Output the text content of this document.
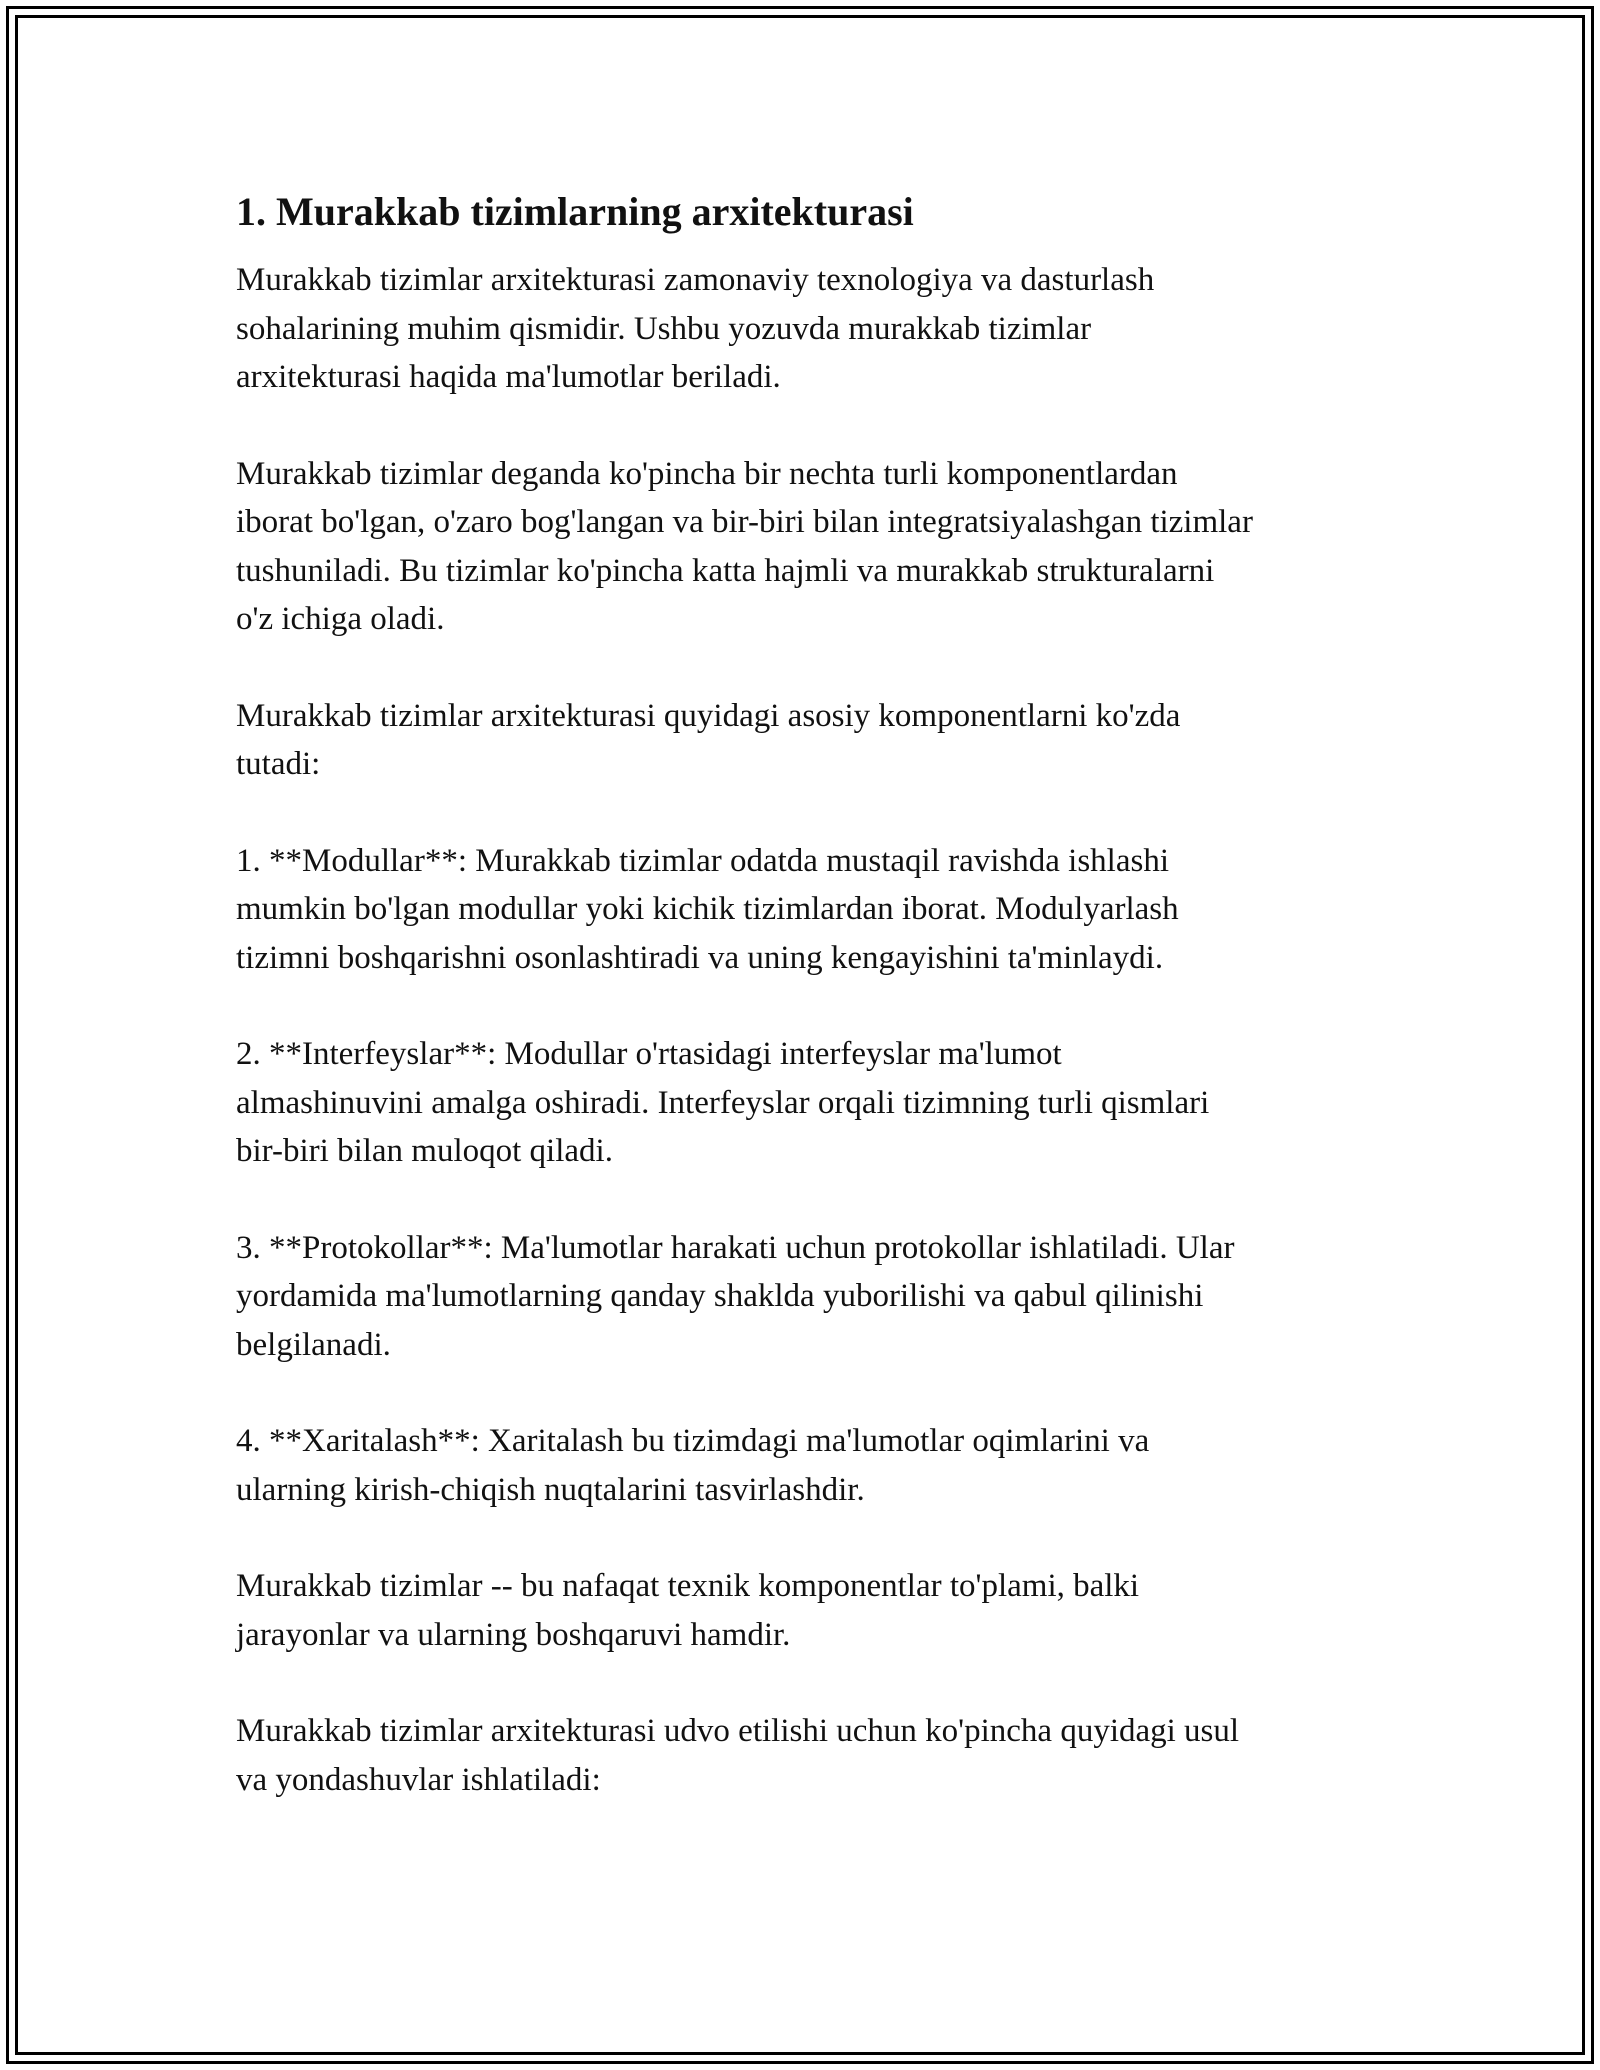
1. Murakkab tizimlarning arxitekturasi

Murakkab tizimlar arxitekturasi zamonaviy texnologiya va dasturlash
sohalarining muhim qismidir. Ushbu yozuvda murakkab tizimlar
arxitekturasi haqida ma'lumotlar beriladi.

Murakkab tizimlar deganda ko'pincha bir nechta turli komponentlardan
iborat bo'lgan, o'zaro bog'langan va bir-biri bilan integratsiyalashgan tizimlar
tushuniladi. Bu tizimlar ko'pincha katta hajmli va murakkab strukturalarni
o'z ichiga oladi.

Murakkab tizimlar arxitekturasi quyidagi asosiy komponentlarni ko'zda
tutadi:

1. **Modullar**: Murakkab tizimlar odatda mustaqil ravishda ishlashi
mumkin bo'lgan modullar yoki kichik tizimlardan iborat. Modulyarlash
tizimni boshqarishni osonlashtiradi va uning kengayishini ta'minlaydi.

2. **Interfeyslar**: Modullar o'rtasidagi interfeyslar ma'lumot
almashinuvini amalga oshiradi. Interfeyslar orqali tizimning turli qismlari
bir-biri bilan muloqot qiladi.

3. **Protokollar**: Ma'lumotlar harakati uchun protokollar ishlatiladi. Ular
yordamida ma'lumotlarning qanday shaklda yuborilishi va qabul qilinishi
belgilanadi.

4. **Xaritalash**: Xaritalash bu tizimdagi ma'lumotlar oqimlarini va
ularning kirish-chiqish nuqtalarini tasvirlashdir.

Murakkab tizimlar -- bu nafaqat texnik komponentlar to'plami, balki
jarayonlar va ularning boshqaruvi hamdir.

Murakkab tizimlar arxitekturasi udvo etilishi uchun ko'pincha quyidagi usul
va yondashuvlar ishlatiladi:
